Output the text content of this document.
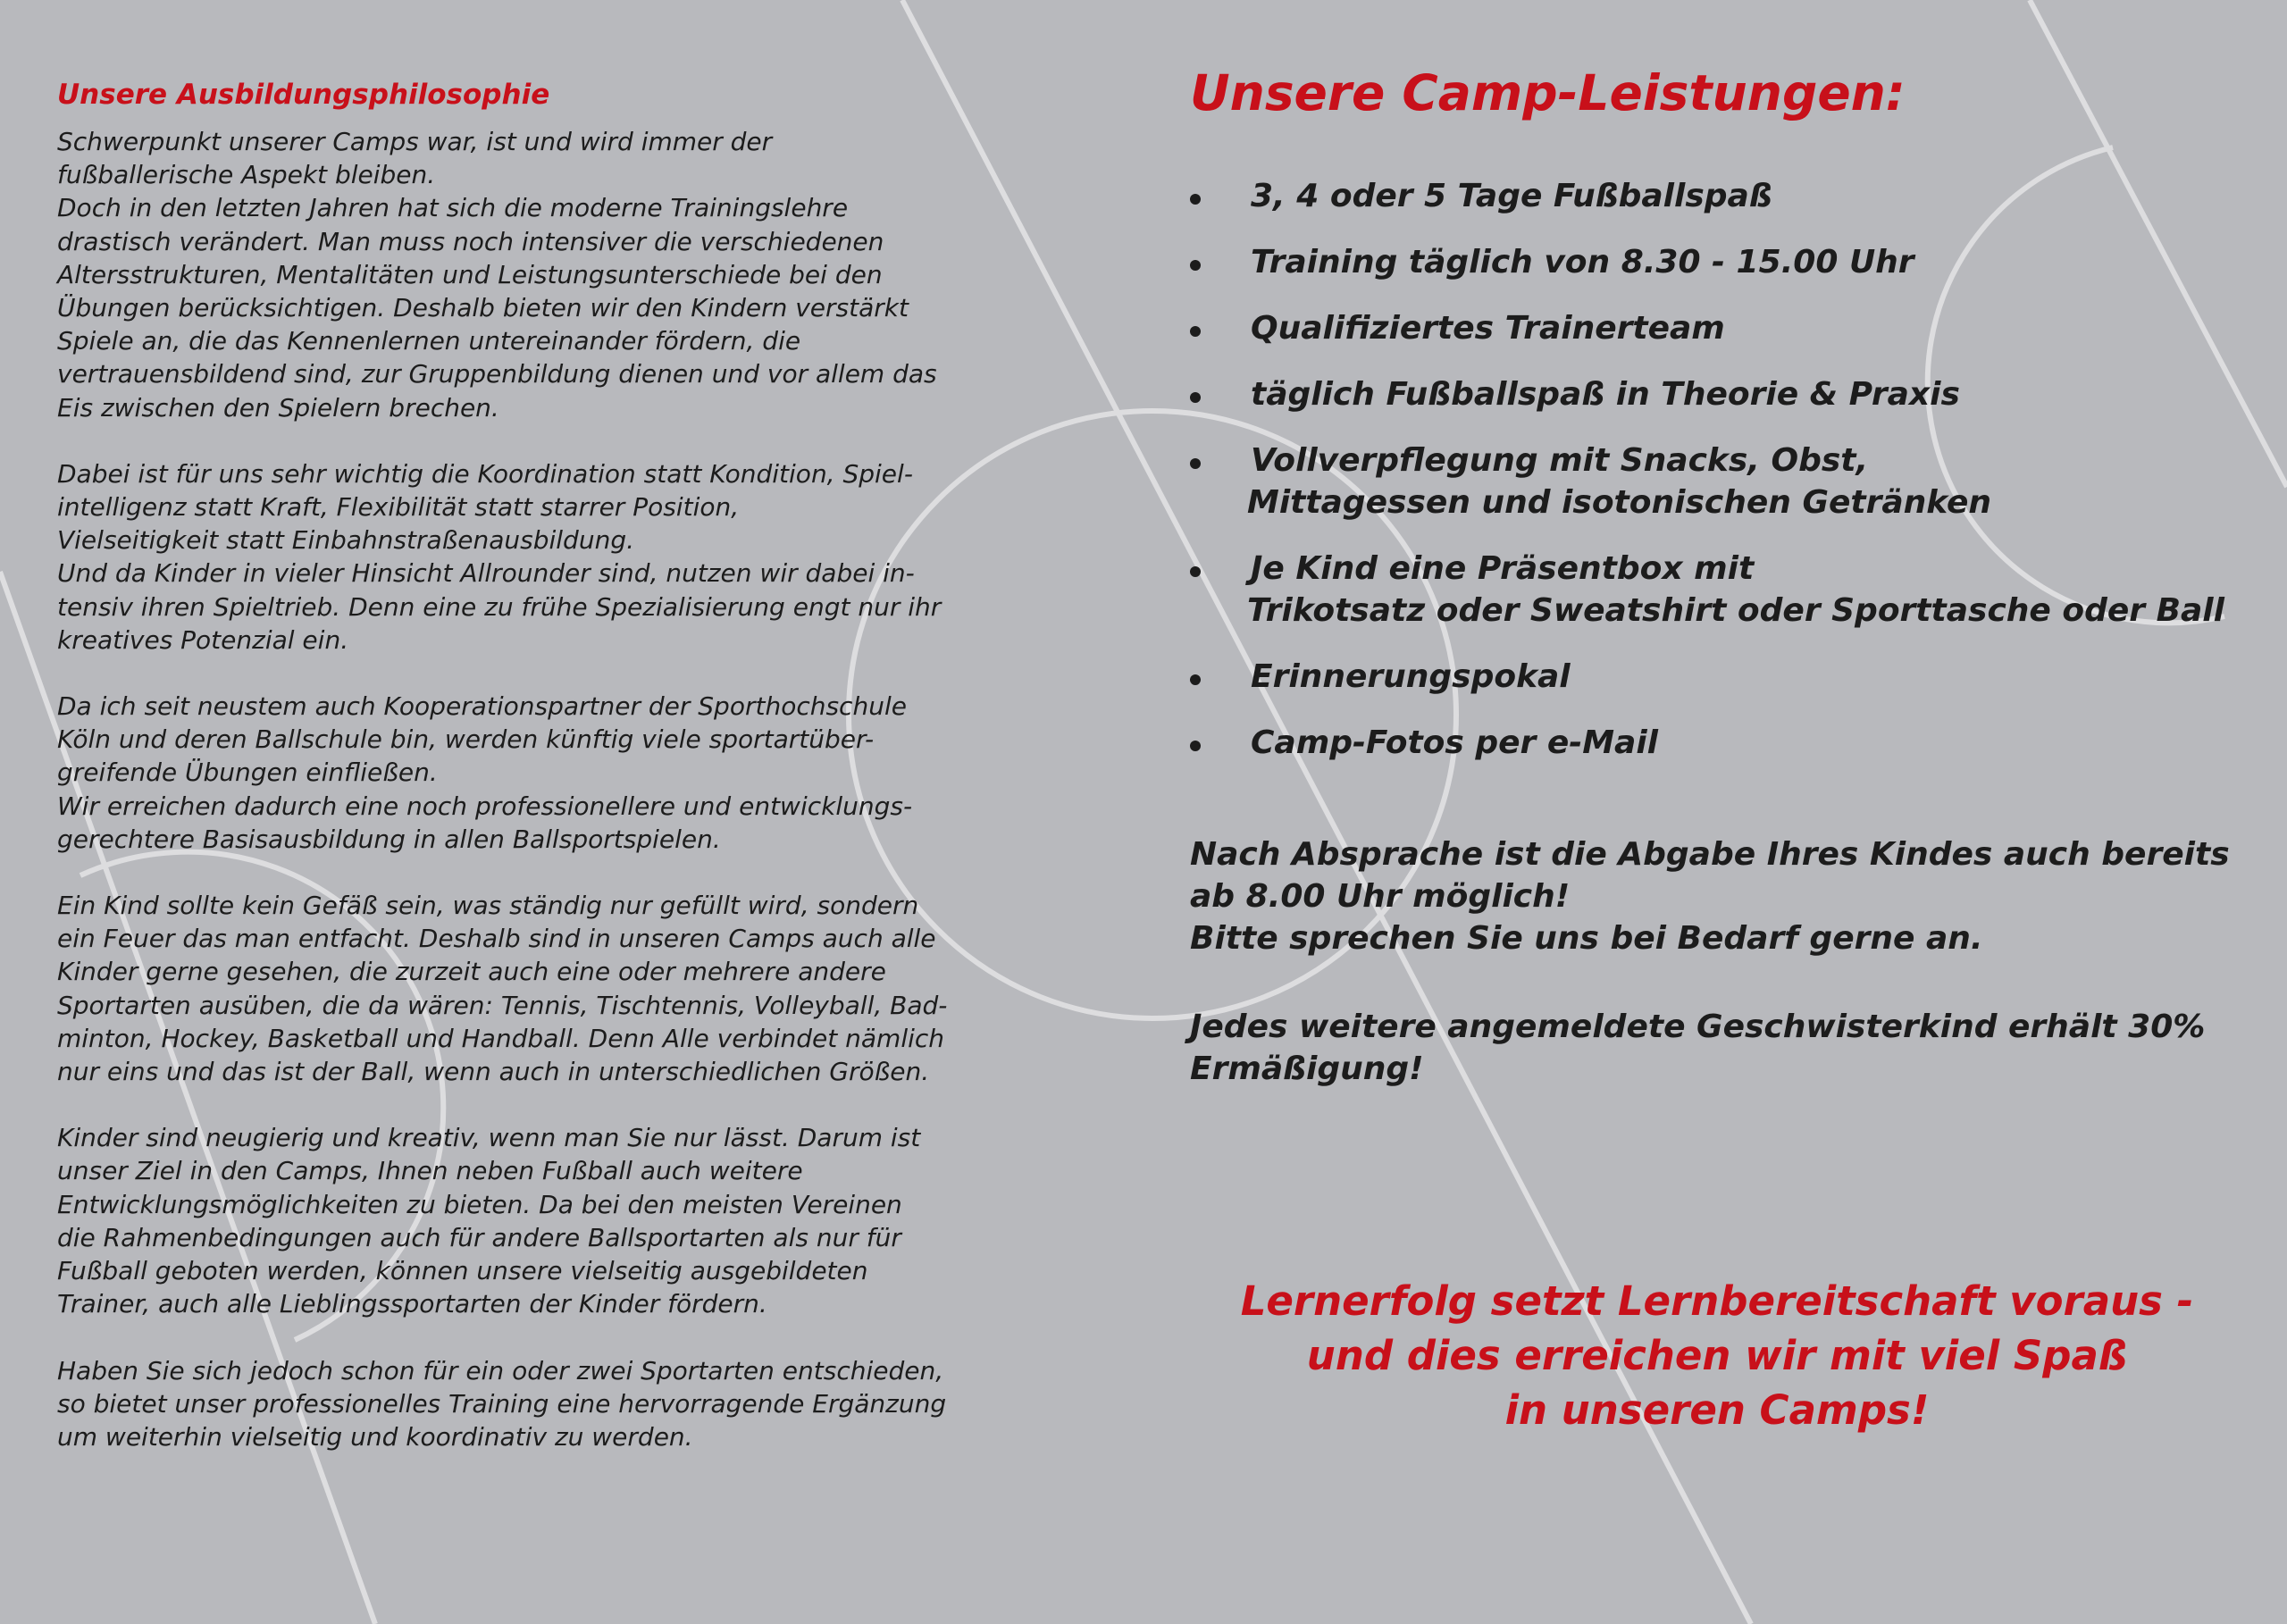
Unsere Ausbildungsphilosophie

Schwerpunkt unserer Camps war, ist und wird immer der
fußballerische Aspekt bleiben.
Doch in den letzten Jahren hat sich die moderne Trainingslehre
drastisch verändert. Man muss noch intensiver die verschiedenen
Altersstrukturen, Mentalitäten und Leistungsunterschiede bei den
Übungen berücksichtigen. Deshalb bieten wir den Kindern verstärkt
Spiele an, die das Kennenlernen untereinander fördern, die
vertrauensbildend sind, zur Gruppenbildung dienen und vor allem das
Eis zwischen den Spielern brechen.

Dabei ist für uns sehr wichtig die Koordination statt Kondition, Spiel-
intelligenz statt Kraft, Flexibilität statt starrer Position,
Vielseitigkeit statt Einbahnstraßenausbildung.
Und da Kinder in vieler Hinsicht Allrounder sind, nutzen wir dabei in-
tensiv ihren Spieltrieb. Denn eine zu frühe Spezialisierung engt nur ihr
kreatives Potenzial ein.

Da ich seit neustem auch Kooperationspartner der Sporthochschule
Köln und deren Ballschule bin, werden künftig viele sportartüber-
greifende Übungen einfließen.
Wir erreichen dadurch eine noch professionellere und entwicklungs-
gerechtere Basisausbildung in allen Ballsportspielen.

Ein Kind sollte kein Gefäß sein, was ständig nur gefüllt wird, sondern
ein Feuer das man entfacht. Deshalb sind in unseren Camps auch alle
Kinder gerne gesehen, die zurzeit auch eine oder mehrere andere
Sportarten ausüben, die da wären: Tennis, Tischtennis, Volleyball, Bad-
minton, Hockey, Basketball und Handball. Denn Alle verbindet nämlich
nur eins und das ist der Ball, wenn auch in unterschiedlichen Größen.

Kinder sind neugierig und kreativ, wenn man Sie nur lässt. Darum ist
unser Ziel in den Camps, Ihnen neben Fußball auch weitere
Entwicklungsmöglichkeiten zu bieten. Da bei den meisten Vereinen
die Rahmenbedingungen auch für andere Ballsportarten als nur für
Fußball geboten werden, können unsere vielseitig ausgebildeten
Trainer, auch alle Lieblingssportarten der Kinder fördern.

Haben Sie sich jedoch schon für ein oder zwei Sportarten entschieden,
so bietet unser professionelles Training eine hervorragende Ergänzung
um weiterhin vielseitig und koordinativ zu werden.

Unsere Camp-Leistungen:
3, 4 oder 5 Tage Fußballspaß
Training täglich von 8.30 - 15.00 Uhr
Qualifiziertes Trainerteam
täglich Fußballspaß in Theorie & Praxis
Vollverpflegung mit Snacks, Obst,
Mittagessen und isotonischen Getränken
Je Kind eine Präsentbox mit
Trikotsatz oder Sweatshirt oder Sporttasche oder Ball
Erinnerungspokal
Camp-Fotos per e-Mail
Nach Absprache ist die Abgabe Ihres Kindes auch bereits
ab 8.00 Uhr möglich!
Bitte sprechen Sie uns bei Bedarf gerne an.
Jedes weitere angemeldete Geschwisterkind erhält 30%
Ermäßigung!
Lernerfolg setzt Lernbereitschaft voraus -
und dies erreichen wir mit viel Spaß
in unseren Camps!
